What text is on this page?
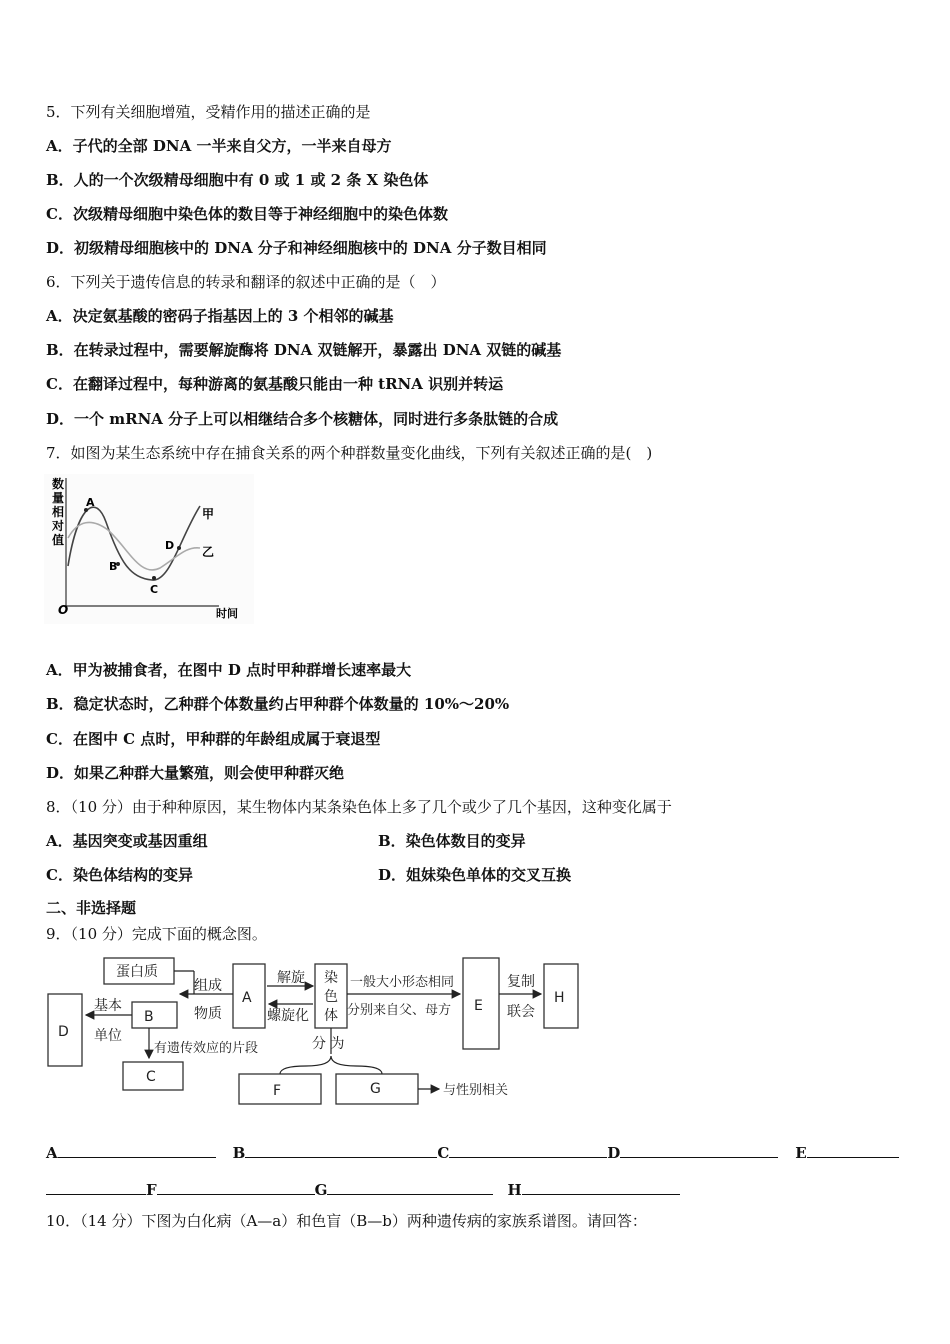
5．下列有关细胞增殖，受精作用的描述正确的是
A．子代的全部 DNA 一半来自父方，一半来自母方
B．人的一个次级精母细胞中有 0 或 1 或 2 条 X 染色体
C．次级精母细胞中染色体的数目等于神经细胞中的染色体数
D．初级精母细胞核中的 DNA 分子和神经细胞核中的 DNA 分子数目相同
6．下列关于遗传信息的转录和翻译的叙述中正确的是（　）
A．决定氨基酸的密码子指基因上的 3 个相邻的碱基
B．在转录过程中，需要解旋酶将 DNA 双链解开，暴露出 DNA 双链的碱基
C．在翻译过程中，每种游离的氨基酸只能由一种 tRNA 识别并转运
D．一个 mRNA 分子上可以相继结合多个核糖体，同时进行多条肽链的合成
7．如图为某生态系统中存在捕食关系的两个种群数量变化曲线，下列有关叙述正确的是(　)
数
量
相
对
值
O	时间
A
B
C
D
甲
乙
A．甲为被捕食者，在图中 D 点时甲种群增长速率最大
B．稳定状态时，乙种群个体数量约占甲种群个体数量的 10%～20%
C．在图中 C 点时，甲种群的年龄组成属于衰退型
D．如果乙种群大量繁殖，则会使甲种群灭绝
8．（10 分）由于种种原因，某生物体内某条染色体上多了几个或少了几个基因，这种变化属于
A．基因突变或基因重组	B．染色体数目的变异
C．染色体结构的变异	D．姐妹染色单体的交叉互换
二、非选择题
9．（10 分）完成下面的概念图。
蛋白质
组成
物质
B
基本
单位
D
A
解旋
螺旋化
染
色
体
一般大小形态相同
分别来自父、母方 E
复制
联会
H
分 为
有遗传效应的片段
C
F	G	与性别相关
A	B	C	D	E
F	G	H
10．（14 分）下图为白化病（A—a）和色盲（B—b）两种遗传病的家族系谱图。请回答：
